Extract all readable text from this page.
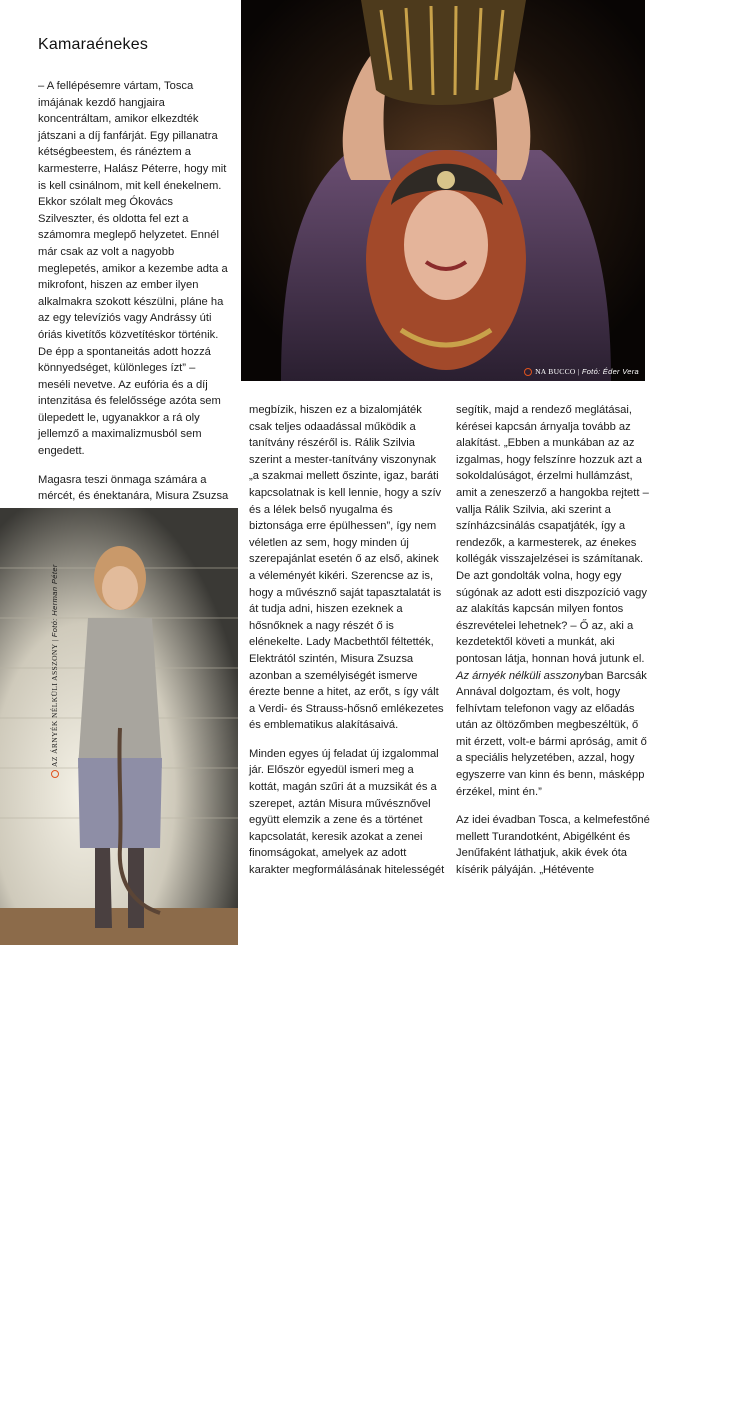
Kamaraénekes

– A fellépésemre vártam, Tosca imájának kezdő hangjaira koncentráltam, amikor elkezdték játszani a díj fanfárját. Egy pillanatra kétségbeestem, és ránéztem a karmesterre, Halász Péterre, hogy mit is kell csinálnom, mit kell énekelnem. Ekkor szólalt meg Ókovács Szilveszter, és oldotta fel ezt a számomra meglepő helyzetet. Ennél már csak az volt a nagyobb meglepetés, amikor a kezembe adta a mikrofont, hiszen az ember ilyen alkalmakra szokott készülni, pláne ha az egy televíziós vagy Andrássy úti óriás kivetítős közvetítéskor történik. De épp a spontaneitás adott hozzá könnyedséget, különleges ízt” – meséli nevetve. Az eufória és a díj intenzitása és felelőssége azóta sem ülepedett le, ugyanakkor a rá oly jellemző a maximalizmusból sem engedett.

Magasra teszi önmaga számára a mércét, és énektanára, Misura Zsuzsa

megbízik, hiszen ez a bizalomjáték csak teljes odaadással működik a tanítvány részéről is. Rálik Szilvia szerint a mester-tanítvány viszonynak „a szakmai mellett őszinte, igaz, baráti kapcsolatnak is kell lennie, hogy a szív és a lélek belső nyugalma és biztonsága erre épülhessen”, így nem véletlen az sem, hogy minden új szerepajánlat esetén ő az első, akinek a véleményét kikéri. Szerencse az is, hogy a művésznő saját tapasztalatát is át tudja adni, hiszen ezeknek a hősnőknek a nagy részét ő is elénekelte. Lady Macbethtől féltették, Elektrától szintén, Misura Zsuzsa azonban a személyiségét ismerve érezte benne a hitet, az erőt, s így vált a Verdi- és Strauss-hősnő emlékezetes és emblematikus alakításaivá.

Minden egyes új feladat új izgalommal jár. Először egyedül ismeri meg a kottát, magán szűri át a muzsikát és a szerepet, aztán Misura művésznővel együtt elemzik a zene és a történet kapcsolatát, keresik azokat a zenei finomságokat, amelyek az adott karakter megformálásának hitelességét

segítik, majd a rendező meglátásai, kérései kapcsán árnyalja tovább az alakítást. „Ebben a munkában az az izgalmas, hogy felszínre hozzuk azt a sokoldalúságot, érzelmi hullámzást, amit a zeneszerző a hangokba rejtett – vallja Rálik Szilvia, aki szerint a színházcsinálás csapatjáték, így a rendezők, a karmesterek, az énekes kollégák visszajelzései is számítanak. De azt gondolták volna, hogy egy súgónak az adott esti diszpozíció vagy az alakítás kapcsán milyen fontos észrevételei lehetnek? – Ő az, aki a kezdetektől követi a munkát, aki pontosan látja, honnan hová jutunk el. Az árnyék nélküli asszonyban Barcsák Annával dolgoztam, és volt, hogy felhívtam telefonon vagy az előadás után az öltözőmben megbeszéltük, ő mit érzett, volt-e bármi apróság, amit ő a speciális helyzetében, azzal, hogy egyszerre van kinn és benn, másképp érzékel, mint én.”

Az idei évadban Tosca, a kelmefestőné mellett Turandotként, Abigélként és Jenűfaként láthatjuk, akik évek óta kísérik pályáján. „Hétévente

NA BUCCO | Fotó: Éder Vera
40
AZ ÁRNYÉK NÉLKÜLI ASSZONY | Fotó: Herman Péter
